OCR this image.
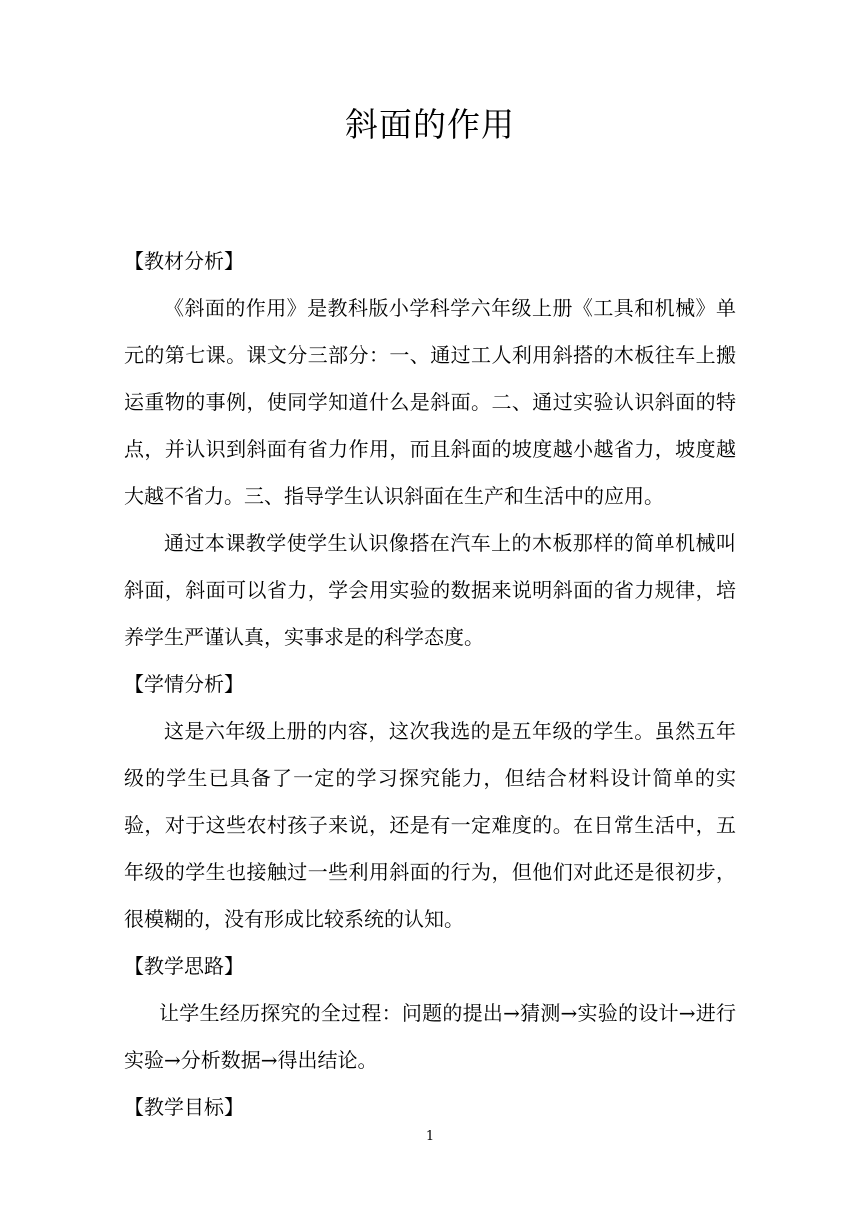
斜面的作用

【教材分析】

《斜面的作用》是教科版小学科学六年级上册《工具和机械》单元的第七课。课文分三部分：一、通过工人利用斜搭的木板往车上搬运重物的事例，使同学知道什么是斜面。二、通过实验认识斜面的特点，并认识到斜面有省力作用，而且斜面的坡度越小越省力，坡度越大越不省力。三、指导学生认识斜面在生产和生活中的应用。

通过本课教学使学生认识像搭在汽车上的木板那样的简单机械叫斜面，斜面可以省力，学会用实验的数据来说明斜面的省力规律，培养学生严谨认真，实事求是的科学态度。

【学情分析】

这是六年级上册的内容，这次我选的是五年级的学生。虽然五年级的学生已具备了一定的学习探究能力，但结合材料设计简单的实验，对于这些农村孩子来说，还是有一定难度的。在日常生活中，五年级的学生也接触过一些利用斜面的行为，但他们对此还是很初步，很模糊的，没有形成比较系统的认知。

【教学思路】

让学生经历探究的全过程：问题的提出→猜测→实验的设计→进行实验→分析数据→得出结论。

【教学目标】

1
